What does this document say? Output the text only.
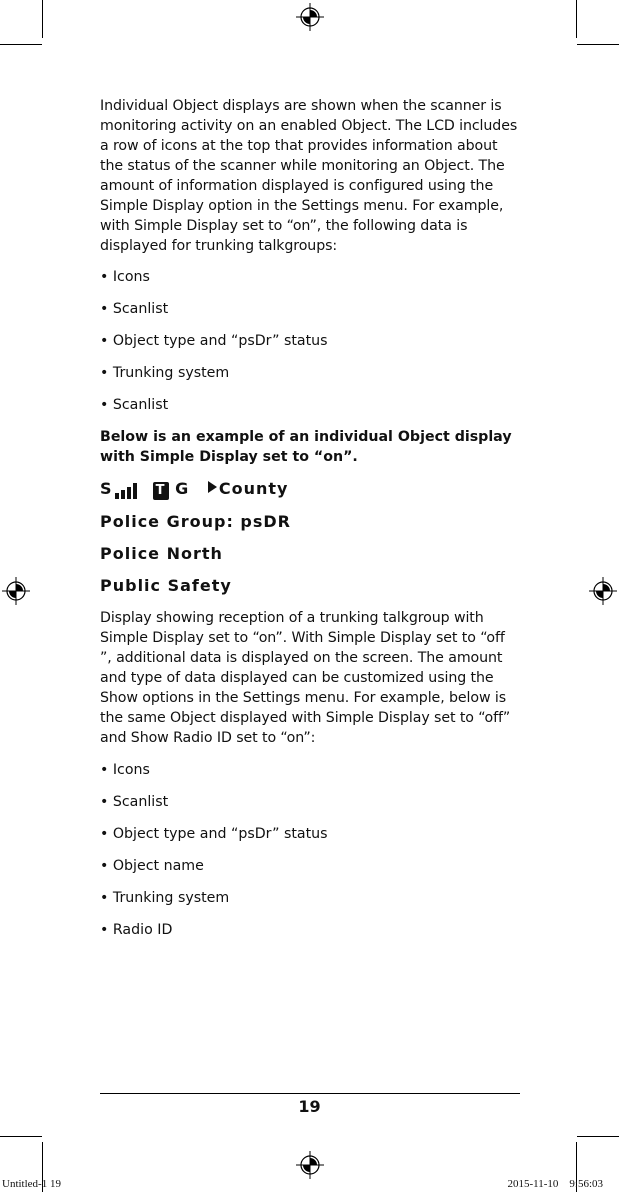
Individual Object displays are shown when the scanner is monitoring activity on an enabled Object. The LCD includes a row of icons at the top that provides information about the status of the scanner while monitoring an Object. The amount of information displayed is configured using the Simple Display option in the Settings menu. For example, with Simple Display set to “on”, the following data is displayed for trunking talkgroups:

• Icons

• Scanlist

• Object type and “psDr” status

• Trunking system

• Scanlist

Below is an example of an individual Object display with Simple Display set to “on”.

S	T G County

Police Group: psDR

Police North

Public Safety

Display showing reception of a trunking talkgroup with Simple Display set to “on”. With Simple Display set to “off ”, additional data is displayed on the screen. The amount and type of data displayed can be customized using the Show options in the Settings menu. For example, below is the same Object displayed with Simple Display set to “off” and Show Radio ID set to “on”:

• Icons

• Scanlist

• Object type and “psDr” status

• Object name

• Trunking system

• Radio ID

19
Untitled-1 19	2015-11-10    9:56:03
